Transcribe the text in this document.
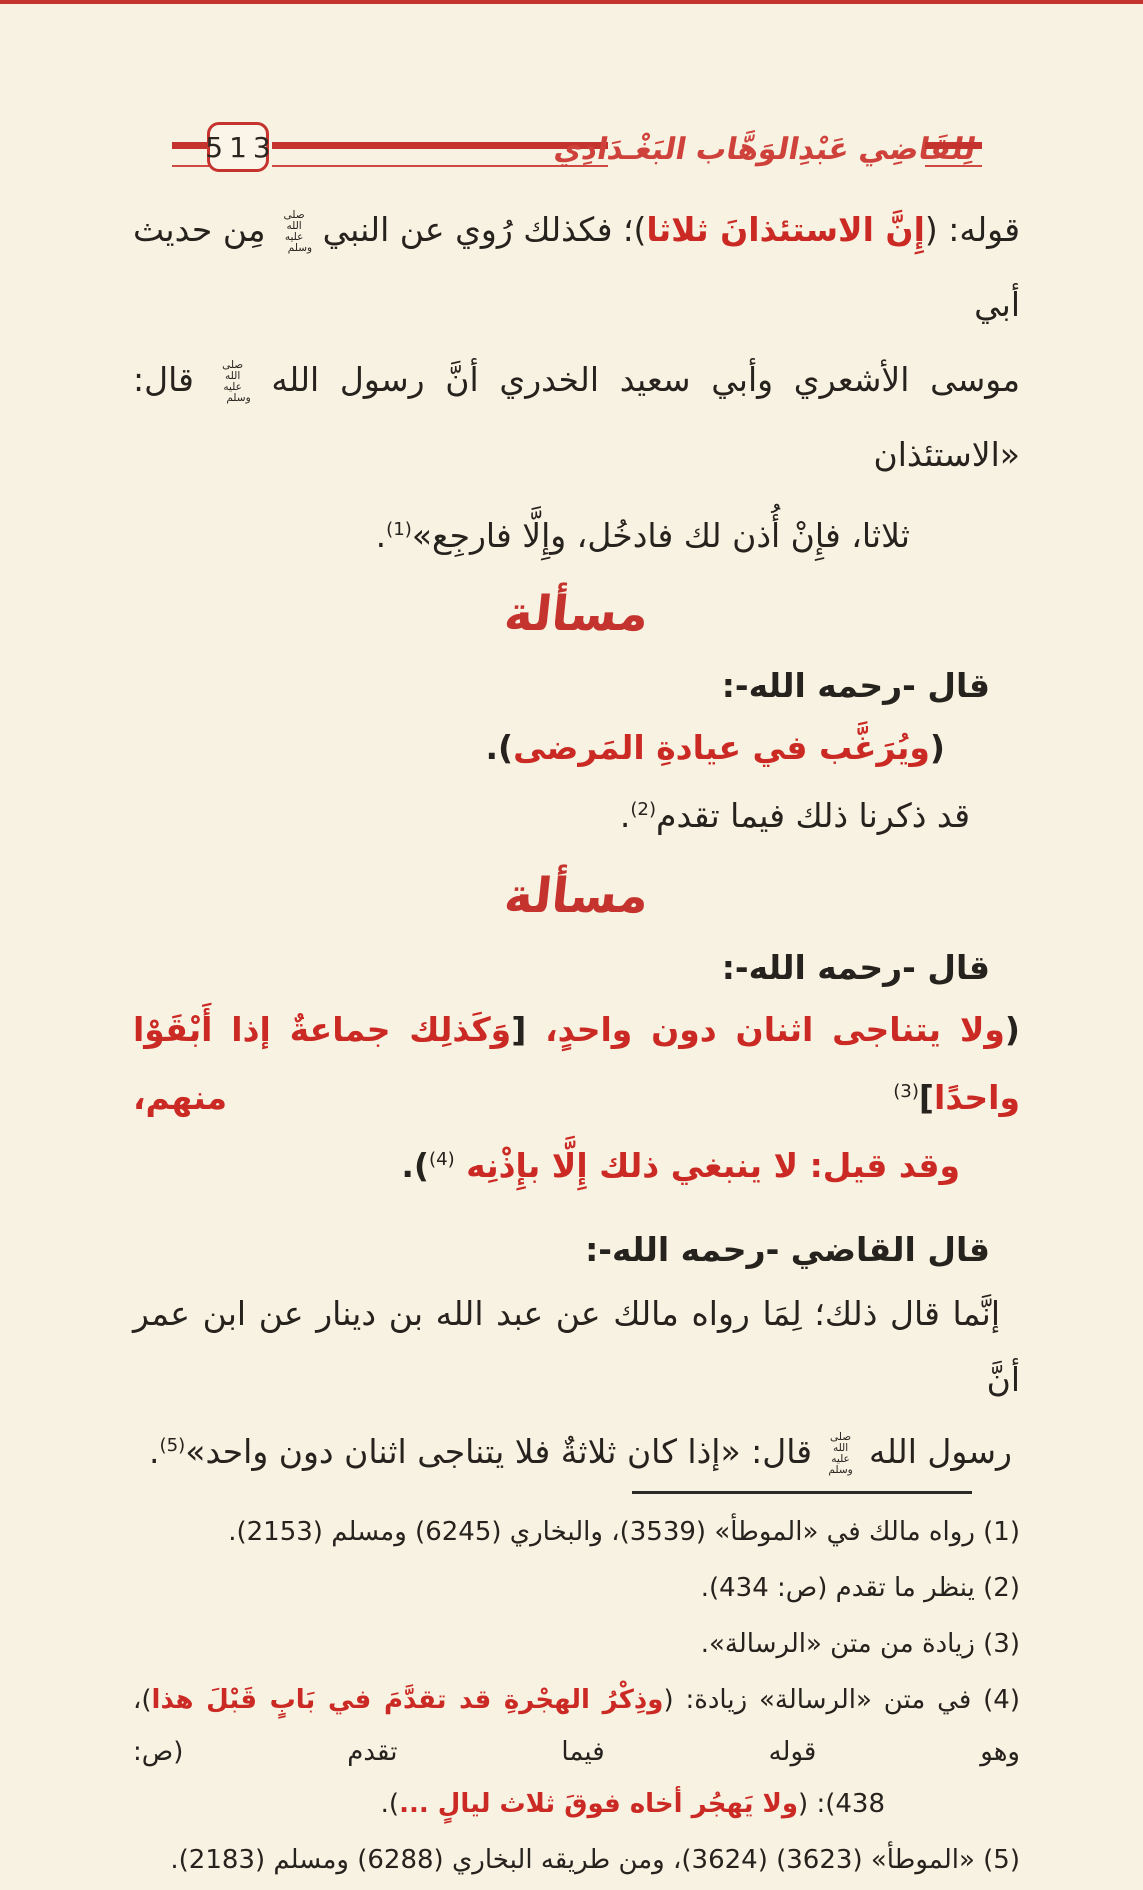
513	لِلقَاضِي عَبْدِالوَهَّاب البَغْـدَادِي
قوله: (إِنَّ الاستئذانَ ثلاثا)؛ فكذلك رُوي عن النبي صلى الله عليه وسلم مِن حديث أبي
موسى الأشعري وأبي سعيد الخدري أنَّ رسول الله صلى الله عليه وسلم قال: «الاستئذان
ثلاثا، فإِنْ أُذن لك فادخُل، وإِلَّا فارجِع»$^{(1)}$.
مسألة
قال -رحمه الله-:
(ويُرَغَّب في عيادةِ المَرضى).
قد ذكرنا ذلك فيما تقدم$^{(2)}$.
مسألة
قال -رحمه الله-:
(ولا يتناجى اثنان دون واحدٍ، [وَكَذلِك جماعةٌ إذا أَبْقَوْا واحدًا]$^{(3)}$ منهم،
وقد قيل: لا ينبغي ذلك إِلَّا بإِذْنِه $^{(4)}$).
قال القاضي -رحمه الله-:
إنَّما قال ذلك؛ لِمَا رواه مالك عن عبد الله بن دينار عن ابن عمر أنَّ
رسول الله صلى الله عليه وسلم قال: «إذا كان ثلاثةٌ فلا يتناجى اثنان دون واحد»$^{(5)}$.
(1) رواه مالك في «الموطأ» (3539)، والبخاري (6245) ومسلم (2153).
(2) ينظر ما تقدم (ص: 434).
(3) زيادة من متن «الرسالة».
(4) في متن «الرسالة» زيادة: (وذِكْرُ الهجْرةِ قد تقدَّمَ في بَابٍ قَبْلَ هذا)، وهو قوله فيما تقدم (ص:
438): (ولا يَهجُر أخاه فوقَ ثلاث ليالٍ ...).
(5) «الموطأ» (3623) (3624)، ومن طريقه البخاري (6288) ومسلم (2183).
